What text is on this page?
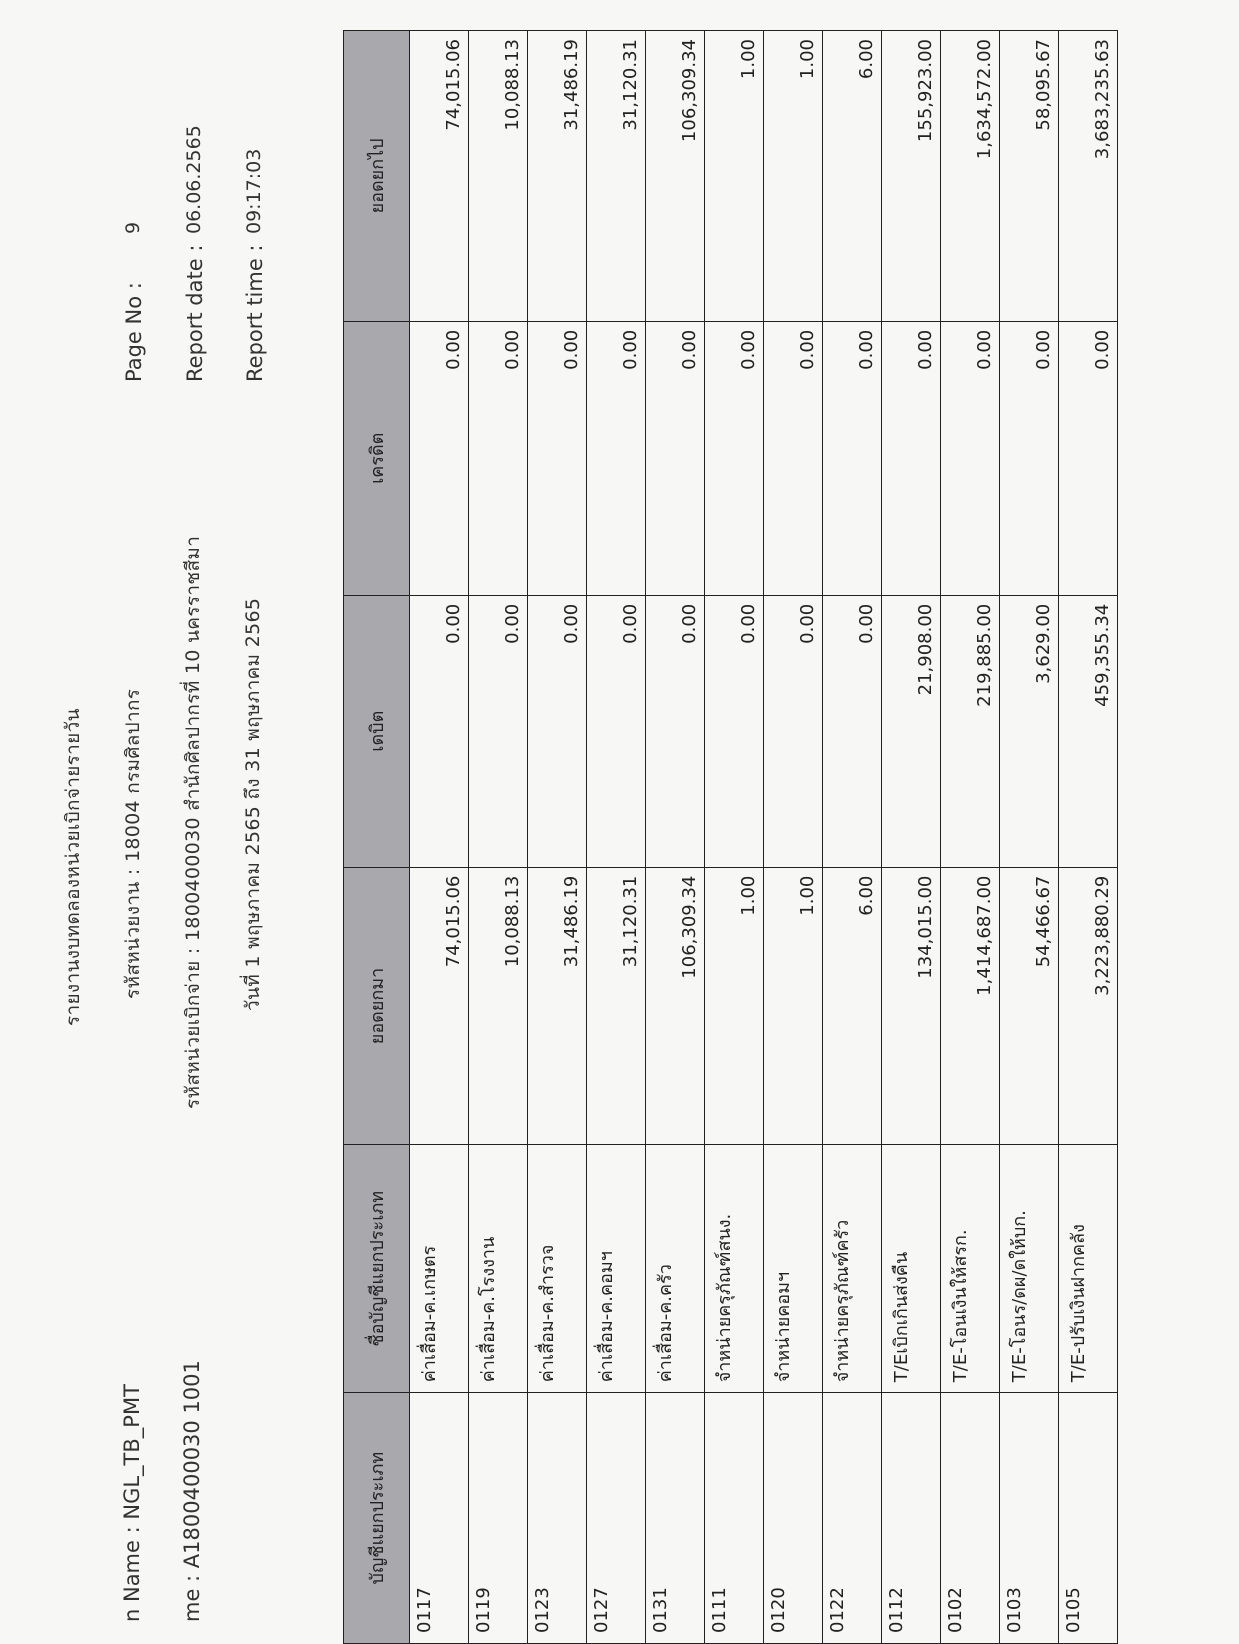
รายงานงบทดลองหน่วยเบิกจ่ายรายวัน รหัสหน่วยงาน : 18004 กรมศิลปากร รหัสหน่วยเบิกจ่าย : 1800400030 สำนักศิลปากรที่ 10 นครราชสีมา วันที่ 1 พฤษภาคม 2565 ถึง 31 พฤษภาคม 2565
n Name : NGL_TB_PMT me : A1800400030 1001
Page No :
9
Report date :
06.06.2565
Report time :
09:17:03
บัญชีแยกประเภท	ชื่อบัญชีแยกประเภท	ยอดยกมา	เดบิต	เครดิต	ยอดยกไป
0117	ค่าเสื่อม-ค.เกษตร	74,015.06	0.00	0.00	74,015.06
0119	ค่าเสื่อม-ค.โรงงาน	10,088.13	0.00	0.00	10,088.13
0123	ค่าเสื่อม-ค.สำรวจ	31,486.19	0.00	0.00	31,486.19
0127	ค่าเสื่อม-ค.คอมฯ	31,120.31	0.00	0.00	31,120.31
0131	ค่าเสื่อม-ค.ครัว	106,309.34	0.00	0.00	106,309.34
0111	จำหน่ายครุภัณฑ์สนง.	1.00	0.00	0.00	1.00
0120	จำหน่ายคอมฯ	1.00	0.00	0.00	1.00
0122	จำหน่ายครุภัณฑ์ครัว	6.00	0.00	0.00	6.00
0112	T/Eเบิกเกินส่งคืน	134,015.00	21,908.00	0.00	155,923.00
0102	T/E-โอนเงินให้สรก.	1,414,687.00	219,885.00	0.00	1,634,572.00
0103	T/E-โอนร/ดผ/ดให้บก.	54,466.67	3,629.00	0.00	58,095.67
0105	T/E-ปรับเงินฝากคลัง	3,223,880.29	459,355.34	0.00	3,683,235.63
